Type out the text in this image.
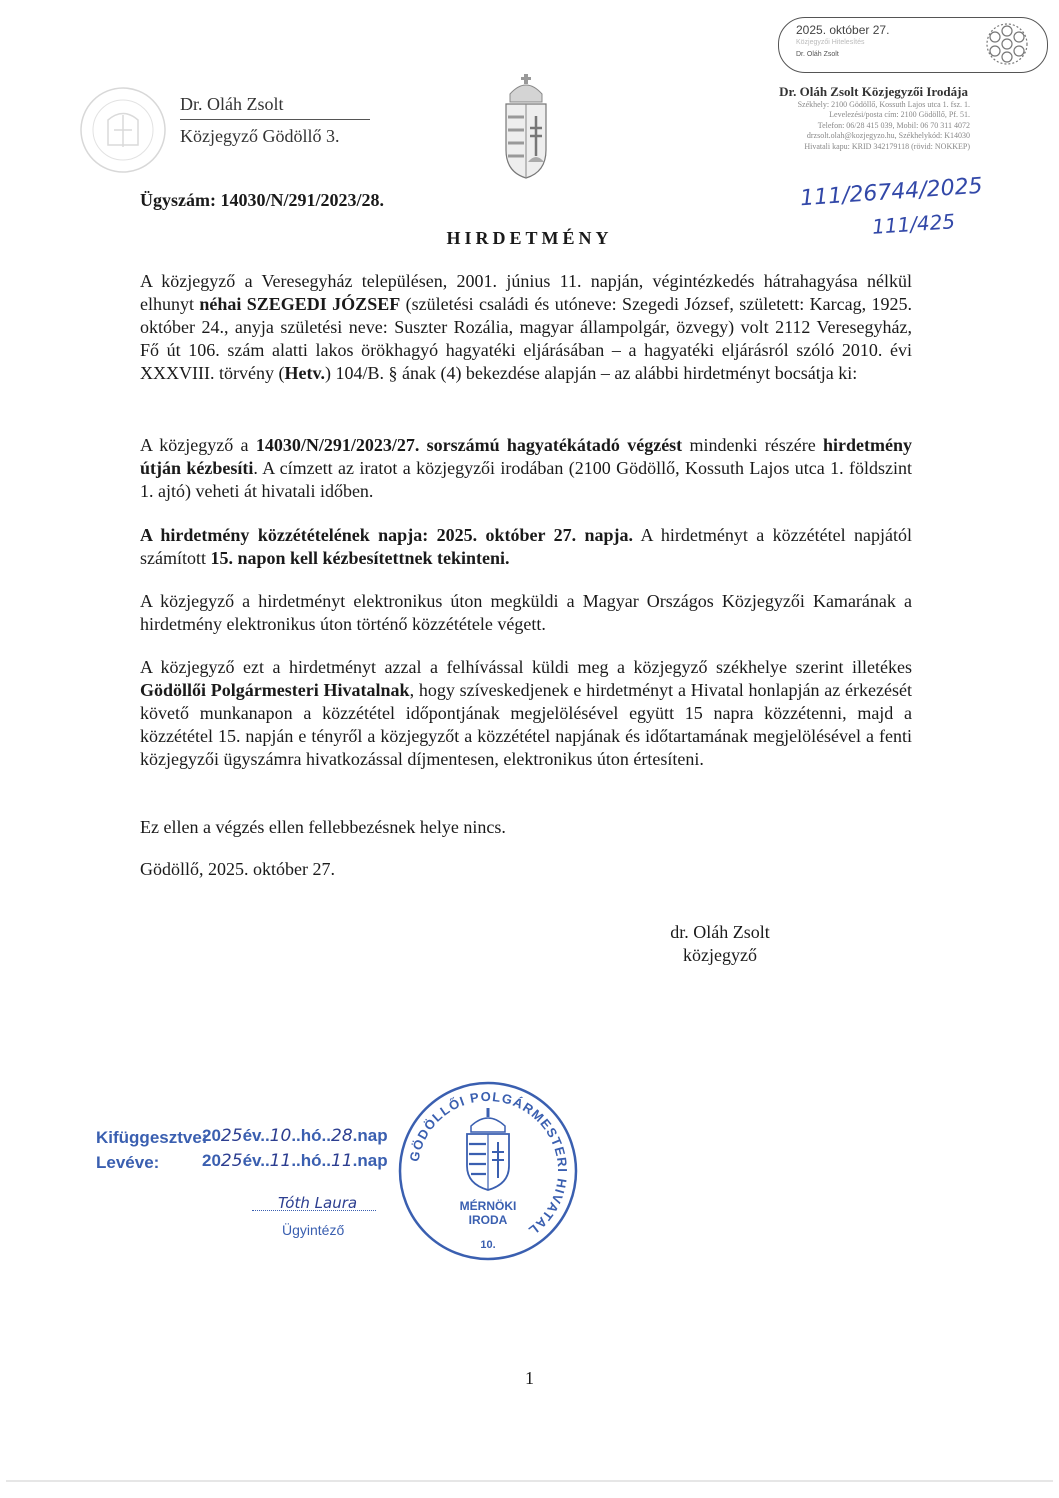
Dr. Oláh Zsolt
Közjegyző Gödöllő 3.
2025. október 27.
Közjegyzői Hitelesítés
Dr. Oláh Zsolt
Dr. Oláh Zsolt Közjegyzői Irodája
Székhely: 2100 Gödöllő, Kossuth Lajos utca 1. fsz. 1.
Levelezési/posta cím: 2100 Gödöllő, Pf. 51.
Telefon: 06/28 415 039, Mobil: 06 70 311 4072
drzsolt.olah@kozjegyzo.hu, Székhelykód: K14030
Hivatali kapu: KRID 342179118 (rövid: NOKKEP)
111/26744/2025
111/425
Ügyszám: 14030/N/291/2023/28.
HIRDETMÉNY
A közjegyző a Veresegyház településen, 2001. június 11. napján, végintézkedés hátrahagyása nélkül elhunyt néhai SZEGEDI JÓZSEF (születési családi és utóneve: Szegedi József, született: Karcag, 1925. október 24., anyja születési neve: Suszter Rozália, magyar állampolgár, özvegy) volt 2112 Veresegyház, Fő út 106. szám alatti lakos örökhagyó hagyatéki eljárásában – a hagyatéki eljárásról szóló 2010. évi XXXVIII. törvény (Hetv.) 104/B. § ának (4) bekezdése alapján – az alábbi hirdetményt bocsátja ki:
A közjegyző a 14030/N/291/2023/27. sorszámú hagyatékátadó végzést mindenki részére hirdetmény útján kézbesíti. A címzett az iratot a közjegyzői irodában (2100 Gödöllő, Kossuth Lajos utca 1. földszint 1. ajtó) veheti át hivatali időben.
A hirdetmény közzétételének napja: 2025. október 27. napja. A hirdetményt a közzététel napjától számított 15. napon kell kézbesítettnek tekinteni.
A közjegyző a hirdetményt elektronikus úton megküldi a Magyar Országos Közjegyzői Kamarának a hirdetmény elektronikus úton történő közzététele végett.
A közjegyző ezt a hirdetményt azzal a felhívással küldi meg a közjegyző székhelye szerint illetékes Gödöllői Polgármesteri Hivatalnak, hogy szíveskedjenek e hirdetményt a Hivatal honlapján az érkezését követő munkanapon a közzététel időpontjának megjelölésével együtt 15 napra közzétenni, majd a közzététel 15. napján e tényről a közjegyzőt a közzététel napjának és időtartamának megjelölésével a fenti közjegyzői ügyszámra hivatkozással díjmentesen, elektronikus úton értesíteni.
Ez ellen a végzés ellen fellebbezésnek helye nincs.
Gödöllő, 2025. október 27.
dr. Oláh Zsolt
közjegyző
Kifüggesztve:
Levéve:
2025év..10..hó..28.nap
2025év..11..hó..11.nap
Tóth Laura
Ügyintéző
GÖDÖLLŐI POLGÁRMESTERI HIVATAL
MÉRNÖKI
IRODA
10.
1
